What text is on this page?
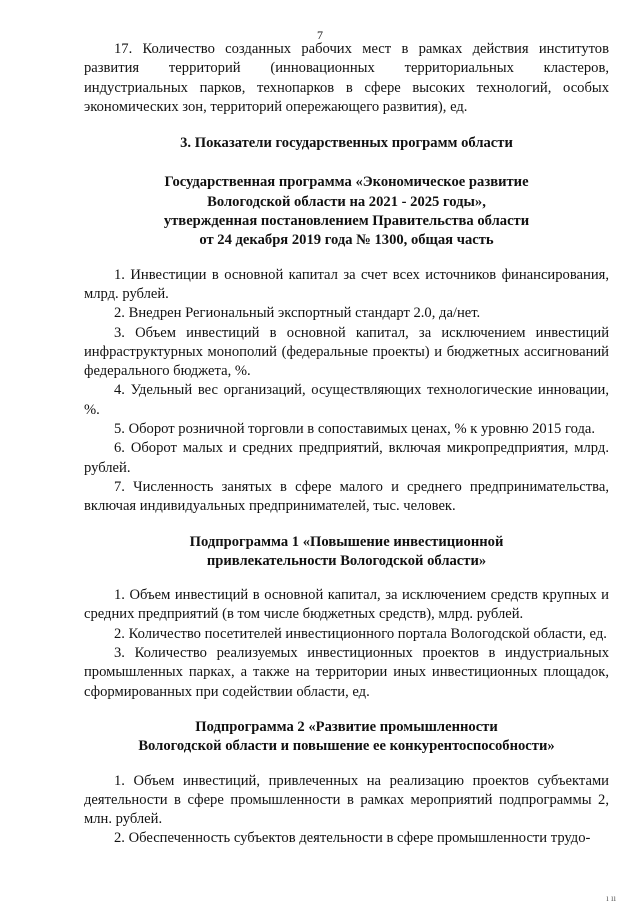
7

17. Количество созданных рабочих мест в рамках действия институтов развития территорий (инновационных территориальных кластеров, индустриальных парков, технопарков в сфере высоких технологий, особых экономических зон, территорий опережающего развития), ед.

3. Показатели государственных программ области
Государственная программа «Экономическое развитие
Вологодской области на 2021 - 2025 годы»,
утвержденная постановлением Правительства области
от 24 декабря 2019 года № 1300, общая часть

1. Инвестиции в основной капитал за счет всех источников финансирования, млрд. рублей.

2. Внедрен Региональный экспортный стандарт 2.0, да/нет.

3. Объем инвестиций в основной капитал, за исключением инвестиций инфраструктурных монополий (федеральные проекты) и бюджетных ассигнований федерального бюджета, %.

4. Удельный вес организаций, осуществляющих технологические инновации, %.

5. Оборот розничной торговли в сопоставимых ценах, % к уровню 2015 года.

6. Оборот малых и средних предприятий, включая микропредприятия, млрд. рублей.

7. Численность занятых в сфере малого и среднего предпринимательства, включая индивидуальных предпринимателей, тыс. человек.

Подпрограмма 1 «Повышение инвестиционной
привлекательности Вологодской области»

1. Объем инвестиций в основной капитал, за исключением средств крупных и средних предприятий (в том числе бюджетных средств), млрд. рублей.

2. Количество посетителей инвестиционного портала Вологодской области, ед.

3. Количество реализуемых инвестиционных проектов в индустриальных промышленных парках, а также на территории иных инвестиционных площадок, сформированных при содействии области, ед.

Подпрограмма 2 «Развитие промышленности
Вологодской области и повышение ее конкурентоспособности»

1. Объем инвестиций, привлеченных на реализацию проектов субъектами деятельности в сфере промышленности в рамках мероприятий подпрограммы 2, млн. рублей.

2. Обеспеченность субъектов деятельности в сфере промышленности трудо-

ı ıı
